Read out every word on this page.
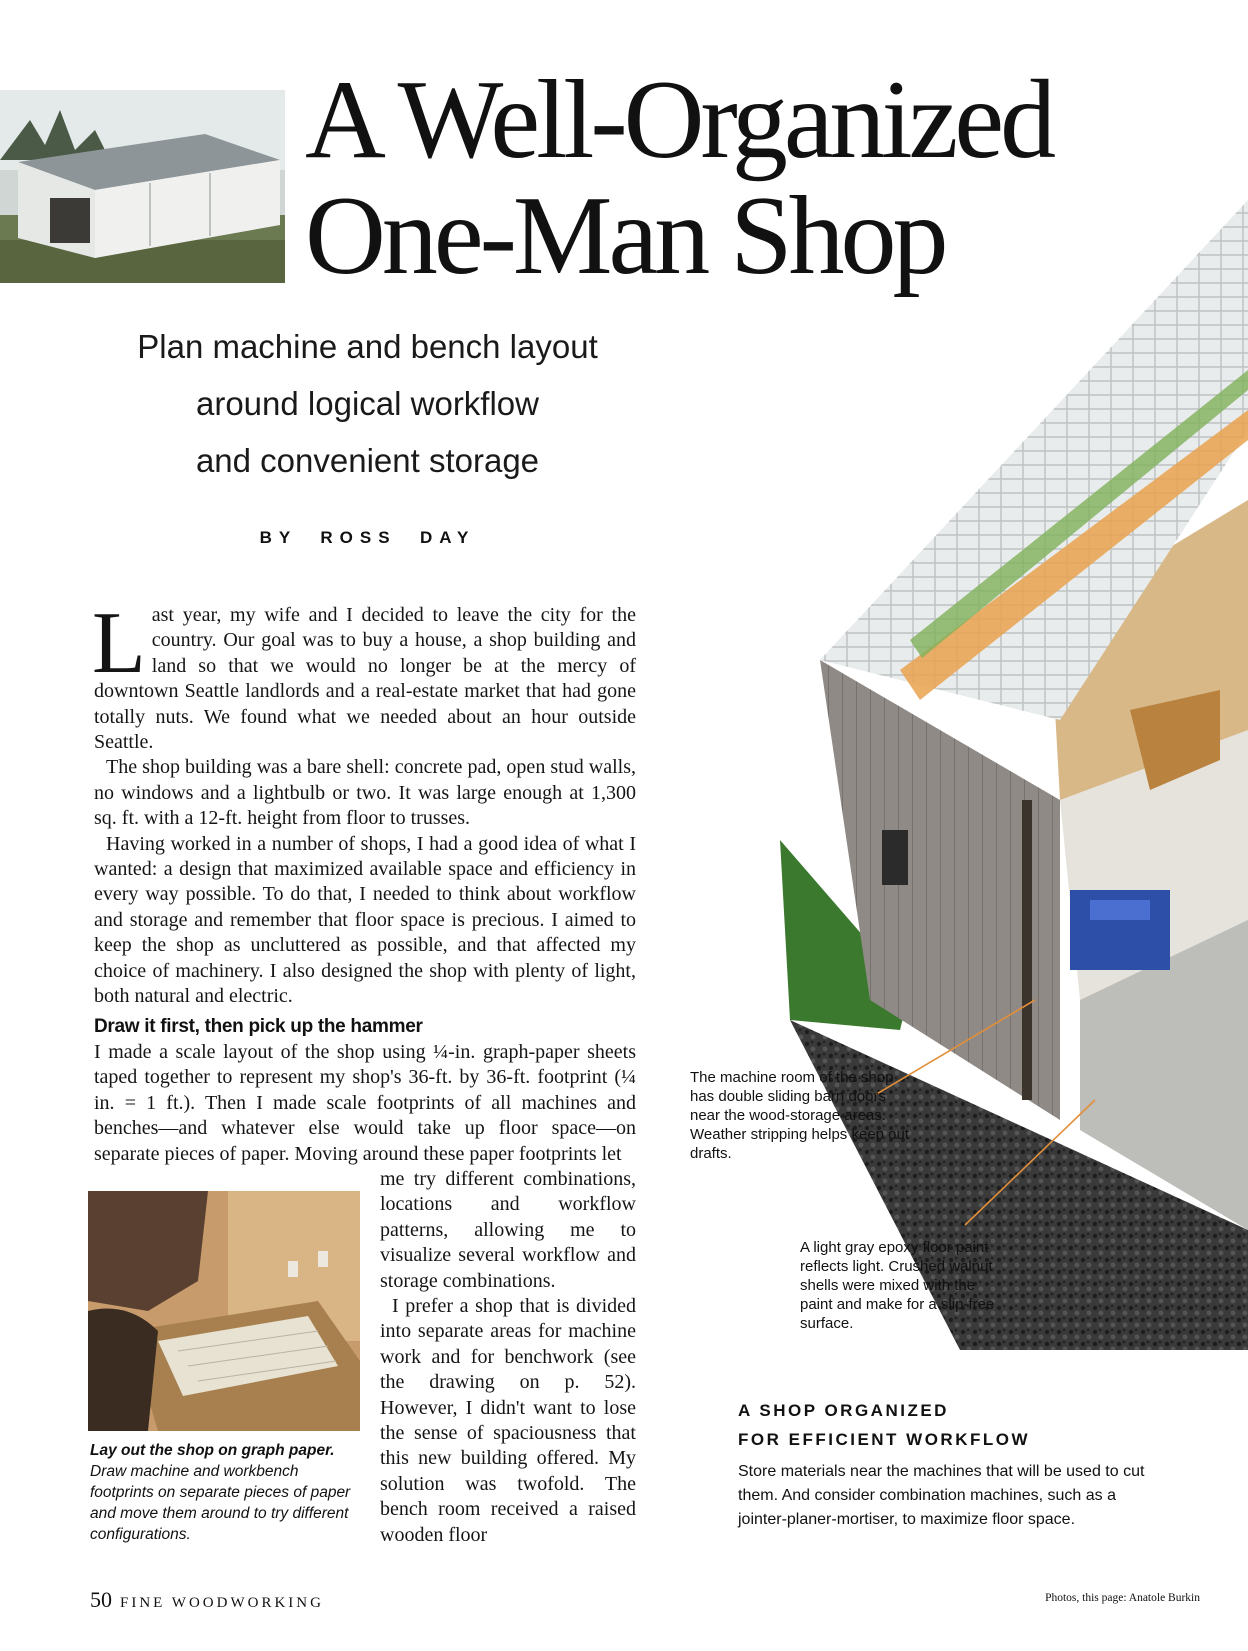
A Well-Organized
One-Man Shop
Plan machine and bench layout
around logical workflow
and convenient storage
BY  ROSS  DAY

Last year, my wife and I decided to leave the city for the country. Our goal was to buy a house, a shop building and land so that we would no longer be at the mercy of downtown Seattle landlords and a real-estate market that had gone totally nuts. We found what we needed about an hour outside Seattle.

The shop building was a bare shell: concrete pad, open stud walls, no windows and a lightbulb or two. It was large enough at 1,300 sq. ft. with a 12-ft. height from floor to trusses.

Having worked in a number of shops, I had a good idea of what I wanted: a design that maximized available space and efficiency in every way possible. To do that, I needed to think about workflow and storage and remember that floor space is precious. I aimed to keep the shop as uncluttered as possible, and that affected my choice of machinery. I also designed the shop with plenty of light, both natural and electric.

Draw it first, then pick up the hammer
I made a scale layout of the shop using ¼-in. graph-paper sheets taped together to represent my shop's 36-ft. by 36-ft. footprint (¼ in. = 1 ft.). Then I made scale footprints of all machines and benches—and whatever else would take up floor space—on separate pieces of paper. Moving around these paper footprints let

me try different combinations, locations and workflow patterns, allowing me to visualize several workflow and storage combinations.

I prefer a shop that is divided into separate areas for machine work and for benchwork (see the drawing on p. 52). However, I didn't want to lose the sense of spaciousness that this new building offered. My solution was twofold. The bench room received a raised wooden floor

Lay out the shop on graph paper. Draw machine and workbench footprints on separate pieces of paper and move them around to try different configurations.
The machine room of the shop has double sliding barn doors near the wood-storage areas. Weather stripping helps keep out drafts.
A light gray epoxy floor paint reflects light. Crushed walnut shells were mixed with the paint and make for a slip-free surface.
A SHOP ORGANIZED
FOR EFFICIENT WORKFLOW
Store materials near the machines that will be used to cut them. And consider combination machines, such as a jointer-planer-mortiser, to maximize floor space.
50 FINE WOODWORKING	Photos, this page: Anatole Burkin
